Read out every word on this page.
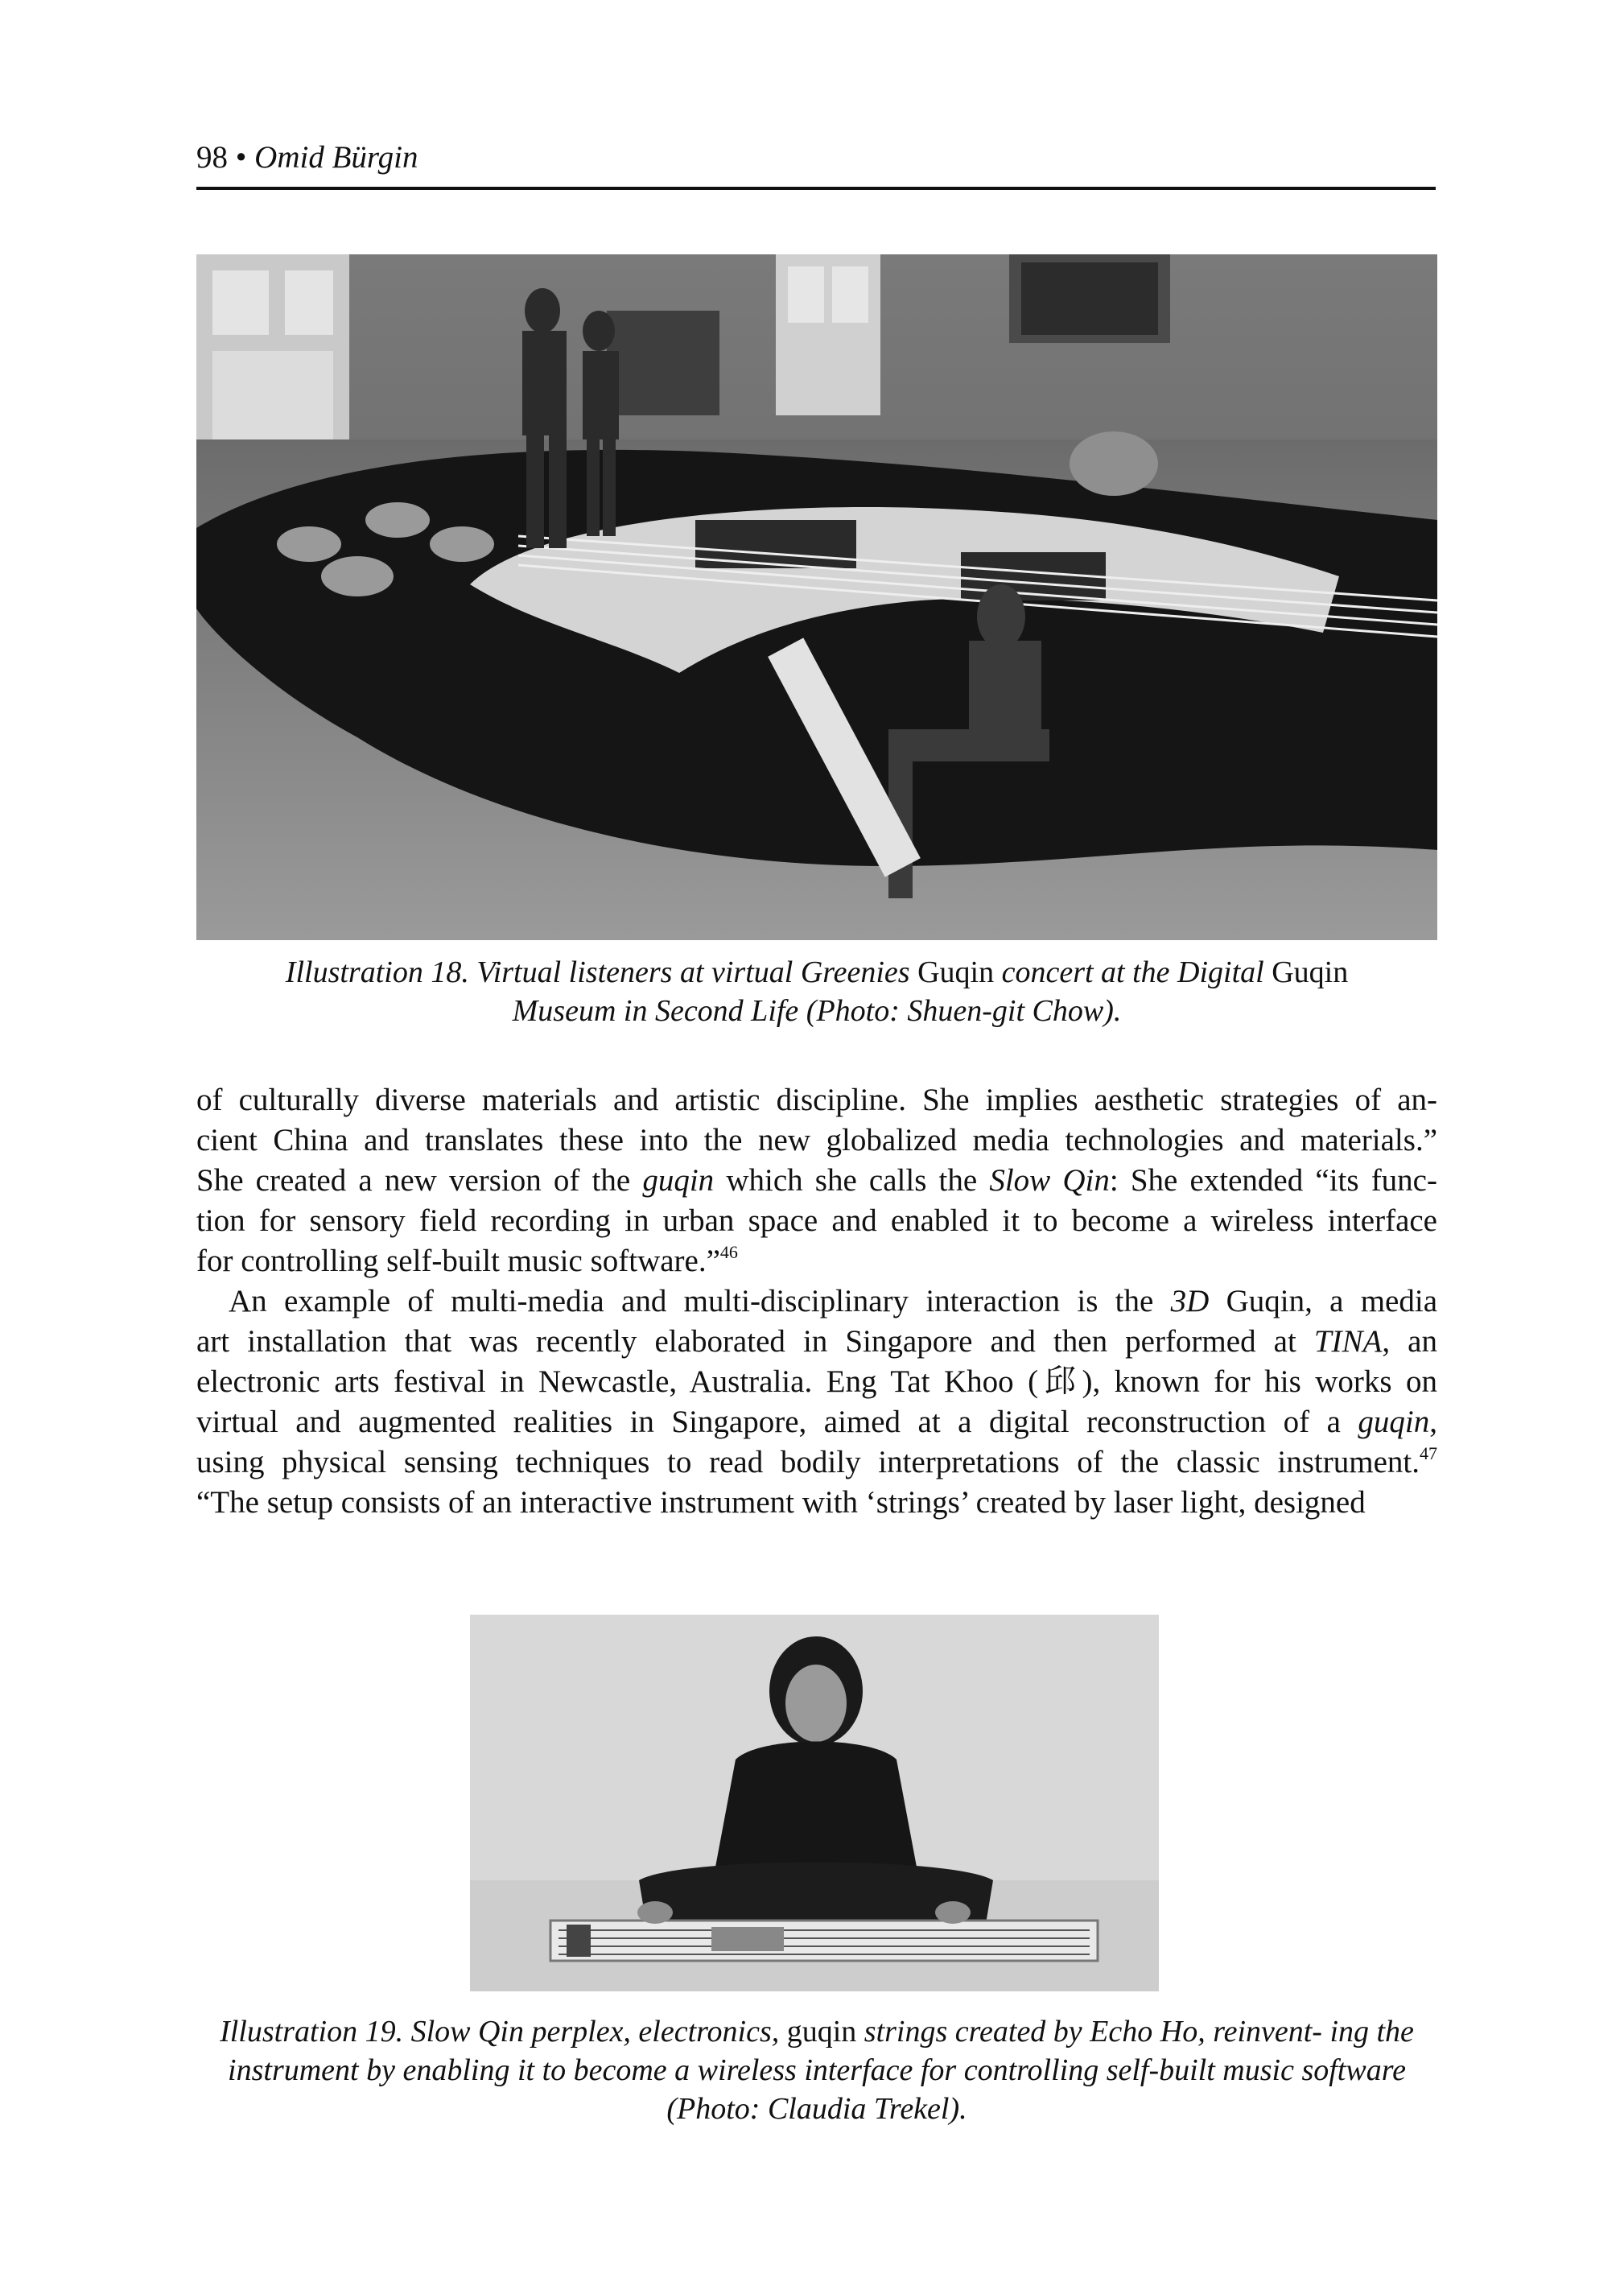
98 • Omid Bürgin
Illustration 18. Virtual listeners at virtual Greenies Guqin concert at the Digital Guqin
Museum in Second Life (Photo: Shuen-git Chow).
of culturally diverse materials and artistic discipline. She implies aesthetic strategies of an-
cient China and translates these into the new globalized media technologies and materials.”
She created a new version of the guqin which she calls the Slow Qin: She extended “its func-
tion for sensory field recording in urban space and enabled it to become a wireless interface
for controlling self-built music software.”$^{46}$
An example of multi-media and multi-disciplinary interaction is the 3D Guqin, a media
art installation that was recently elaborated in Singapore and then performed at TINA, an
electronic arts festival in Newcastle, Australia. Eng Tat Khoo (邱), known for his works on
virtual and augmented realities in Singapore, aimed at a digital reconstruction of a guqin,
using physical sensing techniques to read bodily interpretations of the classic instrument.$^{47}$
“The setup consists of an interactive instrument with ‘strings’ created by laser light, designed
Illustration 19. Slow Qin perplex, electronics, guqin strings created by Echo Ho, reinvent- ing the instrument by enabling it to become a wireless interface for controlling self-built music software (Photo: Claudia Trekel).
